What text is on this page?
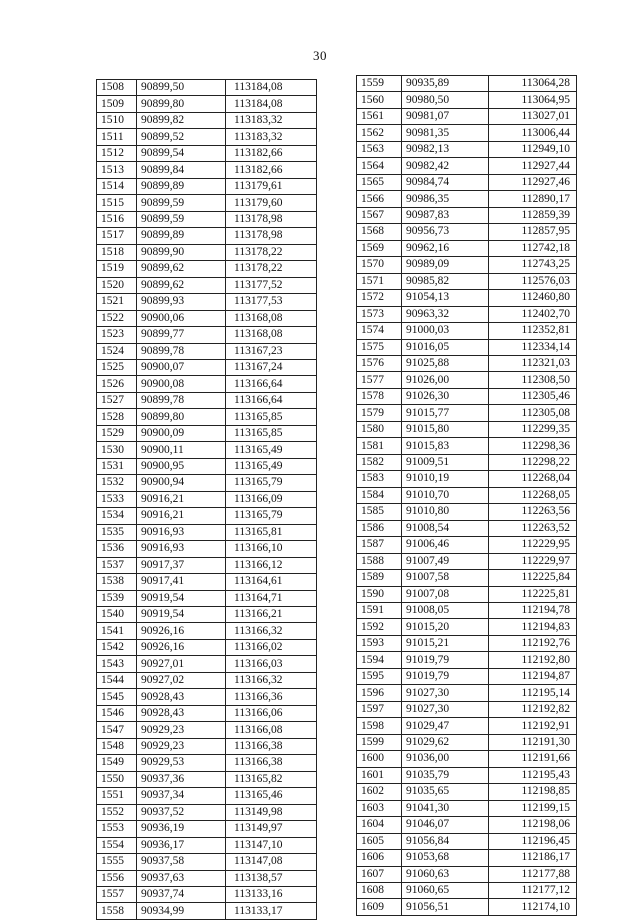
30
1508	90899,50	113184,08
1509	90899,80	113184,08
1510	90899,82	113183,32
1511	90899,52	113183,32
1512	90899,54	113182,66
1513	90899,84	113182,66
1514	90899,89	113179,61
1515	90899,59	113179,60
1516	90899,59	113178,98
1517	90899,89	113178,98
1518	90899,90	113178,22
1519	90899,62	113178,22
1520	90899,62	113177,52
1521	90899,93	113177,53
1522	90900,06	113168,08
1523	90899,77	113168,08
1524	90899,78	113167,23
1525	90900,07	113167,24
1526	90900,08	113166,64
1527	90899,78	113166,64
1528	90899,80	113165,85
1529	90900,09	113165,85
1530	90900,11	113165,49
1531	90900,95	113165,49
1532	90900,94	113165,79
1533	90916,21	113166,09
1534	90916,21	113165,79
1535	90916,93	113165,81
1536	90916,93	113166,10
1537	90917,37	113166,12
1538	90917,41	113164,61
1539	90919,54	113164,71
1540	90919,54	113166,21
1541	90926,16	113166,32
1542	90926,16	113166,02
1543	90927,01	113166,03
1544	90927,02	113166,32
1545	90928,43	113166,36
1546	90928,43	113166,06
1547	90929,23	113166,08
1548	90929,23	113166,38
1549	90929,53	113166,38
1550	90937,36	113165,82
1551	90937,34	113165,46
1552	90937,52	113149,98
1553	90936,19	113149,97
1554	90936,17	113147,10
1555	90937,58	113147,08
1556	90937,63	113138,57
1557	90937,74	113133,16
1558	90934,99	113133,17
1559	90935,89	113064,28
1560	90980,50	113064,95
1561	90981,07	113027,01
1562	90981,35	113006,44
1563	90982,13	112949,10
1564	90982,42	112927,44
1565	90984,74	112927,46
1566	90986,35	112890,17
1567	90987,83	112859,39
1568	90956,73	112857,95
1569	90962,16	112742,18
1570	90989,09	112743,25
1571	90985,82	112576,03
1572	91054,13	112460,80
1573	90963,32	112402,70
1574	91000,03	112352,81
1575	91016,05	112334,14
1576	91025,88	112321,03
1577	91026,00	112308,50
1578	91026,30	112305,46
1579	91015,77	112305,08
1580	91015,80	112299,35
1581	91015,83	112298,36
1582	91009,51	112298,22
1583	91010,19	112268,04
1584	91010,70	112268,05
1585	91010,80	112263,56
1586	91008,54	112263,52
1587	91006,46	112229,95
1588	91007,49	112229,97
1589	91007,58	112225,84
1590	91007,08	112225,81
1591	91008,05	112194,78
1592	91015,20	112194,83
1593	91015,21	112192,76
1594	91019,79	112192,80
1595	91019,79	112194,87
1596	91027,30	112195,14
1597	91027,30	112192,82
1598	91029,47	112192,91
1599	91029,62	112191,30
1600	91036,00	112191,66
1601	91035,79	112195,43
1602	91035,65	112198,85
1603	91041,30	112199,15
1604	91046,07	112198,06
1605	91056,84	112196,45
1606	91053,68	112186,17
1607	91060,63	112177,88
1608	91060,65	112177,12
1609	91056,51	112174,10
